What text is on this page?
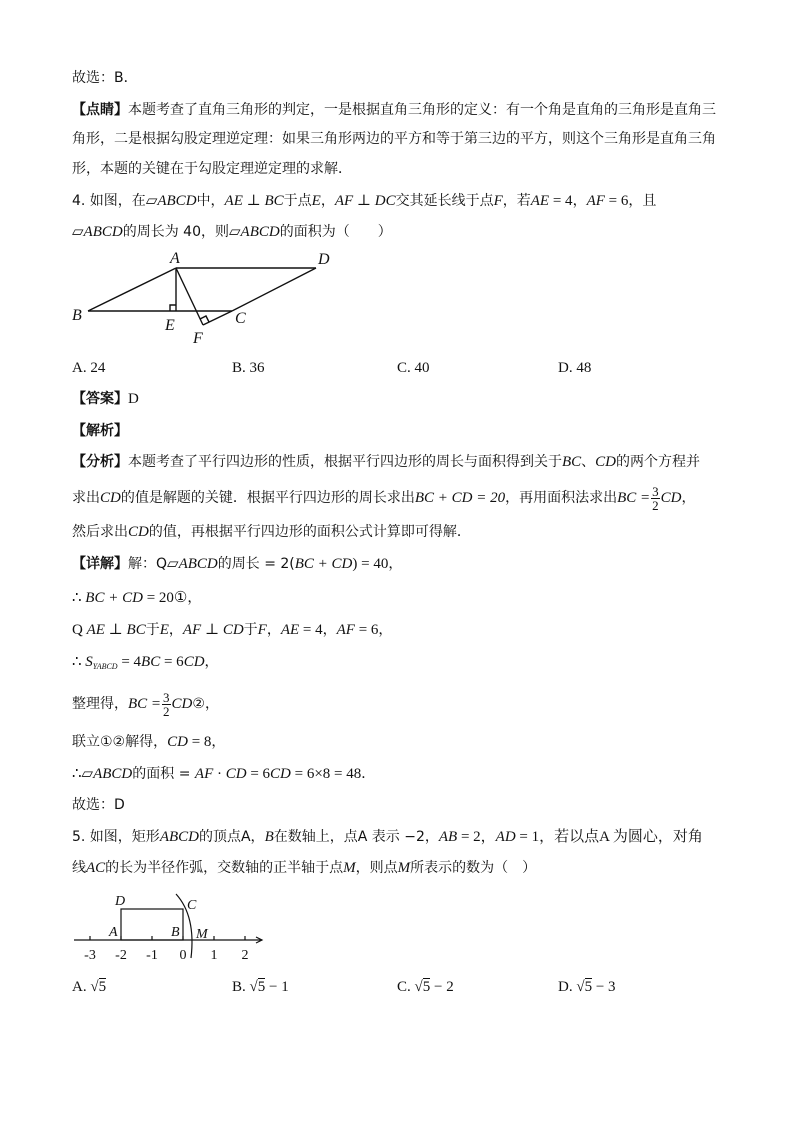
故选：B．
【点睛】本题考查了直角三角形的判定，一是根据直角三角形的定义：有一个角是直角的三角形是直角三
角形，二是根据勾股定理逆定理：如果三角形两边的平方和等于第三边的平方，则这个三角形是直角三角
形，本题的关键在于勾股定理逆定理的求解．
4. 如图，在▱ABCD中，AE ⊥ BC于点E，AF ⊥ DC交其延长线于点F，若AE = 4，AF = 6，且
▱ABCD的周长为 40，则▱ABCD的面积为（　　）
A
B	C
D
E
F
A. 24	B. 36	C. 40	D. 48
【答案】D
【解析】
【分析】本题考查了平行四边形的性质，根据平行四边形的周长与面积得到关于BC、CD的两个方程并
求出CD的值是解题的关键．根据平行四边形的周长求出BC + CD = 20，再用面积法求出BC = $\frac{3}{2}$ CD，
然后求出CD的值，再根据平行四边形的面积公式计算即可得解．
【详解】解：Q▱ABCD的周长 = 2(BC + CD) = 40，
∴ BC + CD = 20①，
Q AE ⊥ BC于E，AF ⊥ CD于F，AE = 4，AF = 6，
∴ $S_{YABCD} = 4BC = 6CD$，
整理得，BC = $\frac{3}{2}$ CD②，
联立①②解得，CD = 8，
∴▱ABCD的面积 = AF · CD = 6CD = 6×8 = 48．
故选：D
5. 如图，矩形ABCD的顶点A，B在数轴上，点A 表示 −2，AB = 2，AD = 1，若以点A 为圆心，对角
线AC的长为半径作弧，交数轴的正半轴于点M，则点M所表示的数为（　）
D
A	B
C
M
-3 -2 -1 0 1 2
A. √5	B. √5 − 1	C. √5 − 2	D. √5 − 3
